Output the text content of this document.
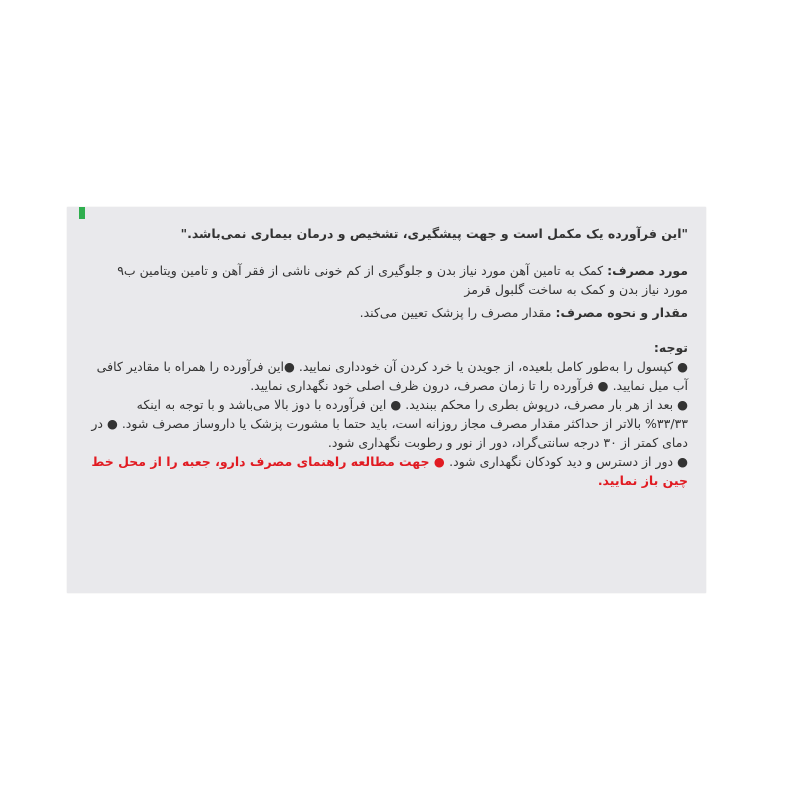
"این فرآورده یک مکمل است و جهت پیشگیری، تشخیص و درمان بیماری نمی‌باشد."

مورد مصرف: کمک به تامین آهن مورد نیاز بدن و جلوگیری از کم خونی ناشی از فقر آهن و تامین ویتامین ب۹ مورد نیاز بدن و کمک به ساخت گلبول قرمز

مقدار و نحوه مصرف: مقدار مصرف را پزشک تعیین می‌کند.

توجه:

● کپسول را به‌طور کامل بلعیده، از جویدن یا خرد کردن آن خودداری نمایید. ●این فرآورده را همراه با مقادیر کافی آب میل نمایید. ● فرآورده را تا زمان مصرف، درون ظرف اصلی خود نگهداری نمایید.

● بعد از هر بار مصرف، درپوش بطری را محکم ببندید. ● این فرآورده با دوز بالا می‌باشد و با توجه به اینکه ۳۳/۳۳% بالاتر از حداکثر مقدار مصرف مجاز روزانه است، باید حتما با مشورت پزشک یا داروساز مصرف شود. ● در دمای کمتر از ۳۰ درجه سانتی‌گراد، دور از نور و رطوبت نگهداری شود.

● دور از دسترس و دید کودکان نگهداری شود. ● جهت مطالعه راهنمای مصرف دارو، جعبه را از محل خط چین باز نمایید.
